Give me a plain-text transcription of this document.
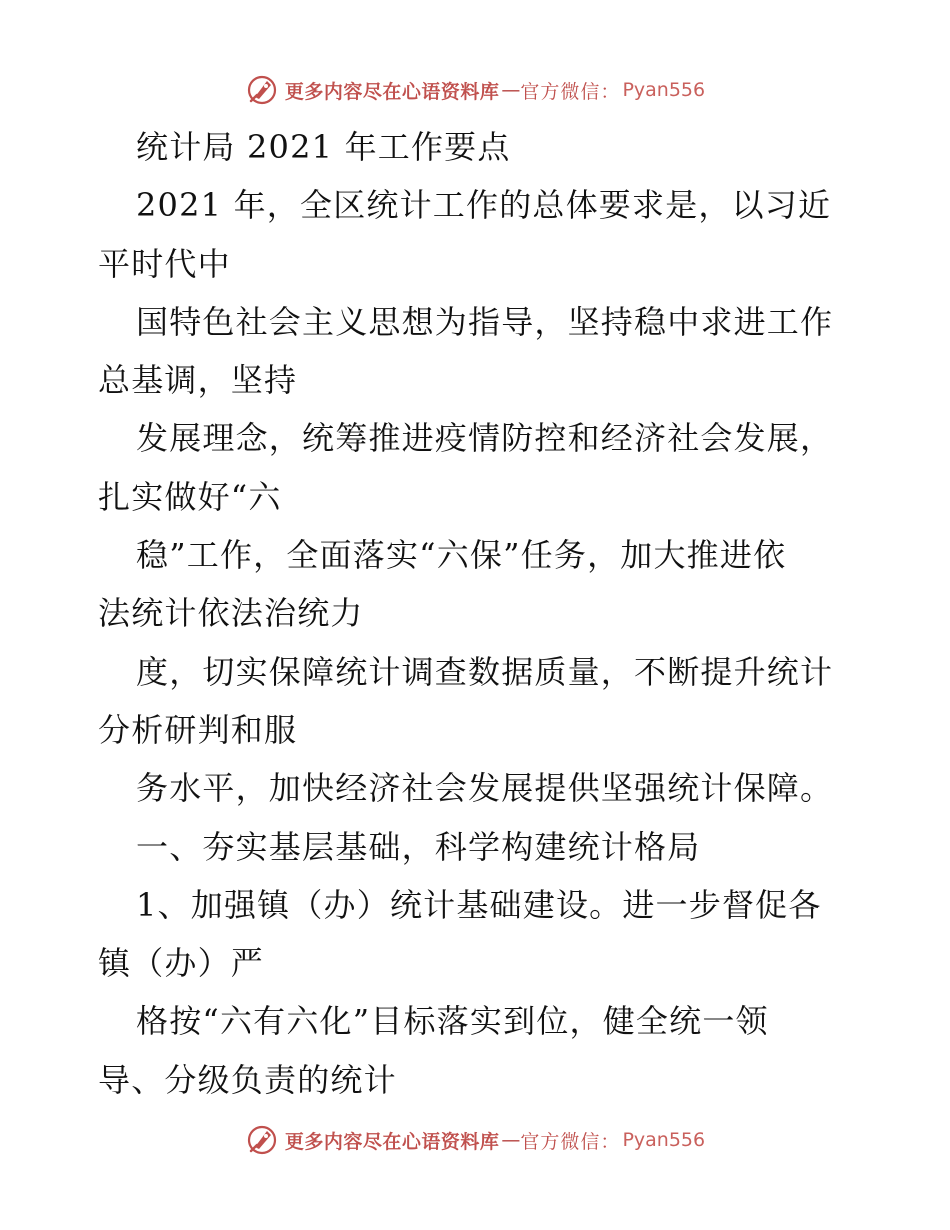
更多内容尽在心语资料库 — 官方微信： Pyan556
统计局 2021 年工作要点
2021 年，全区统计工作的总体要求是，以习近
平时代中
国特色社会主义思想为指导，坚持稳中求进工作
总基调，坚持
发展理念，统筹推进疫情防控和经济社会发展，
扎实做好“六
稳”工作，全面落实“六保”任务，加大推进依
法统计依法治统力
度，切实保障统计调查数据质量，不断提升统计
分析研判和服
务水平，加快经济社会发展提供坚强统计保障。
一、夯实基层基础，科学构建统计格局
1、加强镇（办）统计基础建设。进一步督促各
镇（办）严
格按“六有六化”目标落实到位，健全统一领
导、分级负责的统计
更多内容尽在心语资料库 — 官方微信： Pyan556
